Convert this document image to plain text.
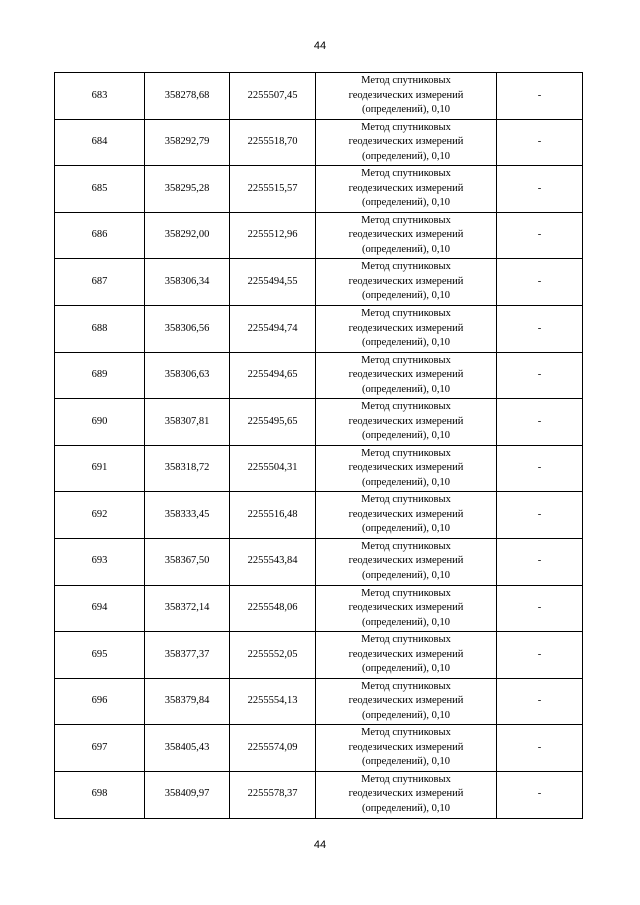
44
683	358278,68	2255507,45	Метод спутниковых
геодезических измерений
(определений), 0,10	-
684	358292,79	2255518,70	Метод спутниковых
геодезических измерений
(определений), 0,10	-
685	358295,28	2255515,57	Метод спутниковых
геодезических измерений
(определений), 0,10	-
686	358292,00	2255512,96	Метод спутниковых
геодезических измерений
(определений), 0,10	-
687	358306,34	2255494,55	Метод спутниковых
геодезических измерений
(определений), 0,10	-
688	358306,56	2255494,74	Метод спутниковых
геодезических измерений
(определений), 0,10	-
689	358306,63	2255494,65	Метод спутниковых
геодезических измерений
(определений), 0,10	-
690	358307,81	2255495,65	Метод спутниковых
геодезических измерений
(определений), 0,10	-
691	358318,72	2255504,31	Метод спутниковых
геодезических измерений
(определений), 0,10	-
692	358333,45	2255516,48	Метод спутниковых
геодезических измерений
(определений), 0,10	-
693	358367,50	2255543,84	Метод спутниковых
геодезических измерений
(определений), 0,10	-
694	358372,14	2255548,06	Метод спутниковых
геодезических измерений
(определений), 0,10	-
695	358377,37	2255552,05	Метод спутниковых
геодезических измерений
(определений), 0,10	-
696	358379,84	2255554,13	Метод спутниковых
геодезических измерений
(определений), 0,10	-
697	358405,43	2255574,09	Метод спутниковых
геодезических измерений
(определений), 0,10	-
698	358409,97	2255578,37	Метод спутниковых
геодезических измерений
(определений), 0,10	-
44
